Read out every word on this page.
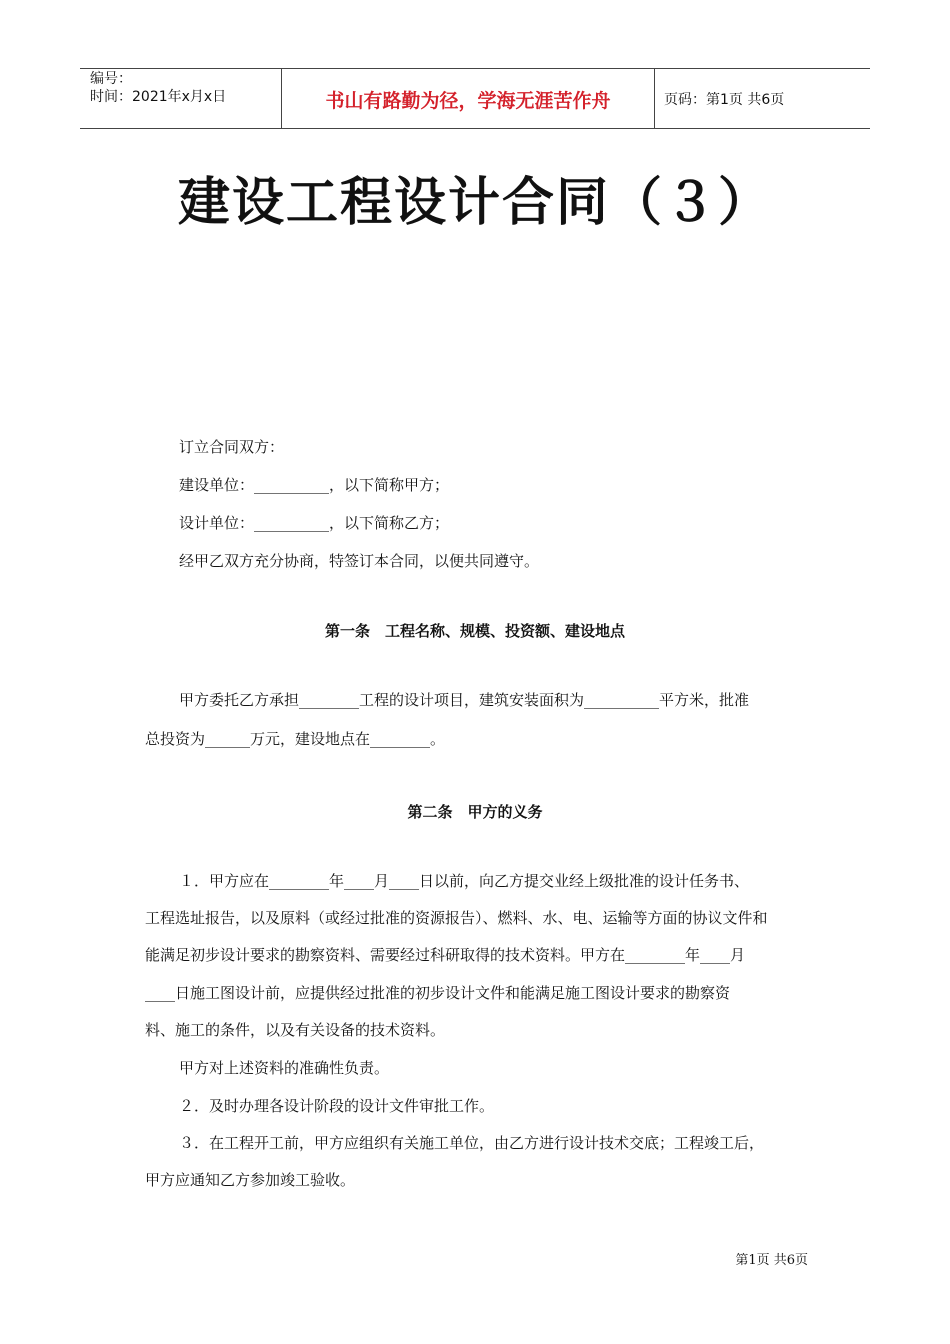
编号：
时间：2021年x月x日	书山有路勤为径，学海无涯苦作舟	页码：第1页 共6页
建设工程设计合同（３）
订立合同双方：
建设单位：__________，以下简称甲方；
设计单位：__________，以下简称乙方；
经甲乙双方充分协商，特签订本合同，以便共同遵守。
第一条　工程名称、规模、投资额、建设地点
甲方委托乙方承担________工程的设计项目，建筑安装面积为__________平方米，批准
总投资为______万元，建设地点在________。
第二条　甲方的义务
１．甲方应在________年____月____日以前，向乙方提交业经上级批准的设计任务书、
工程选址报告，以及原料（或经过批准的资源报告）、燃料、水、电、运输等方面的协议文件和
能满足初步设计要求的勘察资料、需要经过科研取得的技术资料。甲方在________年____月
____日施工图设计前，应提供经过批准的初步设计文件和能满足施工图设计要求的勘察资
料、施工的条件，以及有关设备的技术资料。
甲方对上述资料的准确性负责。
２．及时办理各设计阶段的设计文件审批工作。
３．在工程开工前，甲方应组织有关施工单位，由乙方进行设计技术交底；工程竣工后，
甲方应通知乙方参加竣工验收。
第1页 共6页
